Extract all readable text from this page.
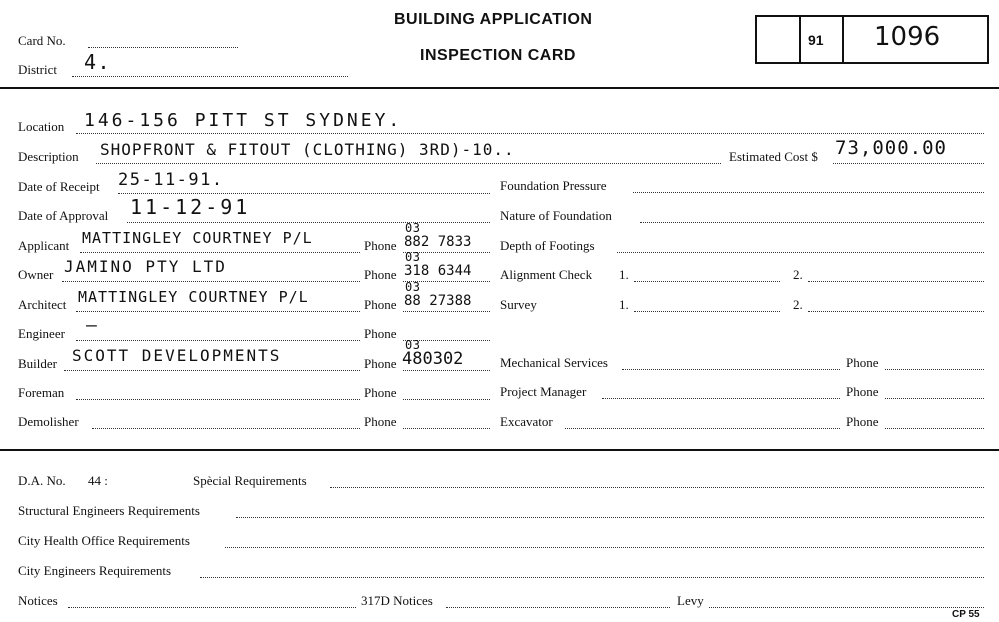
Card No.
District 4.
BUILDING APPLICATION
INSPECTION CARD
91 1096
Location 146-156 PITT ST SYDNEY.
Description SHOPFRONT & FITOUT (CLOTHING) 3RD)-10..	Estimated Cost $ 73,000.00
Date of Receipt 25-11-91.
Date of Approval 11-12-91
Applicant MATTINGLEY COURTNEY P/L	Phone
03
882 7833
Owner JAMINO PTY LTD	Phone
03
318 6344
Architect MATTINGLEY COURTNEY P/L	Phone
03
88 27388
Engineer —	Phone
Builder SCOTT DEVELOPMENTS	Phone
03
480302
Foreman	Phone
Demolisher	Phone
Foundation Pressure
Nature of Foundation
Depth of Footings
Alignment Check 1.	2.
Survey	1.	2.
Mechanical Services	Phone
Project Manager	Phone
Excavator	Phone
D.A. No. 44 :	Spècial Requirements
Structural Engineers Requirements
City Health Office Requirements
City Engineers Requirements
Notices	317D Notices	Levy
CP 55
